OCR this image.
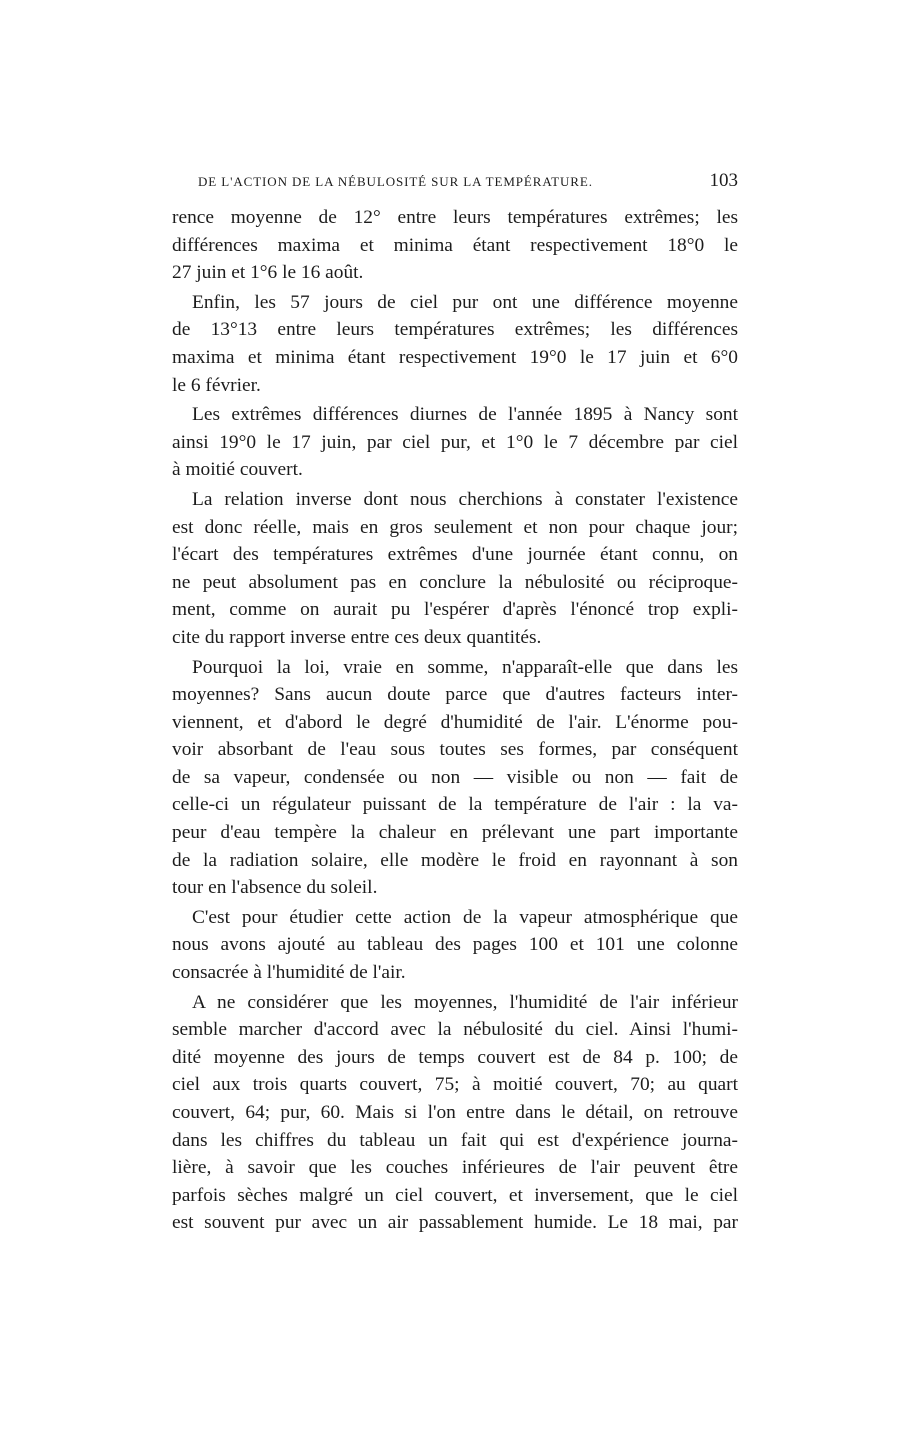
DE L'ACTION DE LA NÉBULOSITÉ SUR LA TEMPÉRATURE.	103
rence moyenne de 12° entre leurs températures extrêmes; les
différences maxima et minima étant respectivement 18°0 le
27 juin et 1°6 le 16 août.
Enfin, les 57 jours de ciel pur ont une différence moyenne
de 13°13 entre leurs températures extrêmes; les différences
maxima et minima étant respectivement 19°0 le 17 juin et 6°0
le 6 février.
Les extrêmes différences diurnes de l'année 1895 à Nancy sont
ainsi 19°0 le 17 juin, par ciel pur, et 1°0 le 7 décembre par ciel
à moitié couvert.
La relation inverse dont nous cherchions à constater l'existence
est donc réelle, mais en gros seulement et non pour chaque jour;
l'écart des températures extrêmes d'une journée étant connu, on
ne peut absolument pas en conclure la nébulosité ou réciproque-
ment, comme on aurait pu l'espérer d'après l'énoncé trop expli-
cite du rapport inverse entre ces deux quantités.
Pourquoi la loi, vraie en somme, n'apparaît-elle que dans les
moyennes? Sans aucun doute parce que d'autres facteurs inter-
viennent, et d'abord le degré d'humidité de l'air. L'énorme pou-
voir absorbant de l'eau sous toutes ses formes, par conséquent
de sa vapeur, condensée ou non — visible ou non — fait de
celle-ci un régulateur puissant de la température de l'air : la va-
peur d'eau tempère la chaleur en prélevant une part importante
de la radiation solaire, elle modère le froid en rayonnant à son
tour en l'absence du soleil.
C'est pour étudier cette action de la vapeur atmosphérique que
nous avons ajouté au tableau des pages 100 et 101 une colonne
consacrée à l'humidité de l'air.
A ne considérer que les moyennes, l'humidité de l'air inférieur
semble marcher d'accord avec la nébulosité du ciel. Ainsi l'humi-
dité moyenne des jours de temps couvert est de 84 p. 100; de
ciel aux trois quarts couvert, 75; à moitié couvert, 70; au quart
couvert, 64; pur, 60. Mais si l'on entre dans le détail, on retrouve
dans les chiffres du tableau un fait qui est d'expérience journa-
lière, à savoir que les couches inférieures de l'air peuvent être
parfois sèches malgré un ciel couvert, et inversement, que le ciel
est souvent pur avec un air passablement humide. Le 18 mai, par
